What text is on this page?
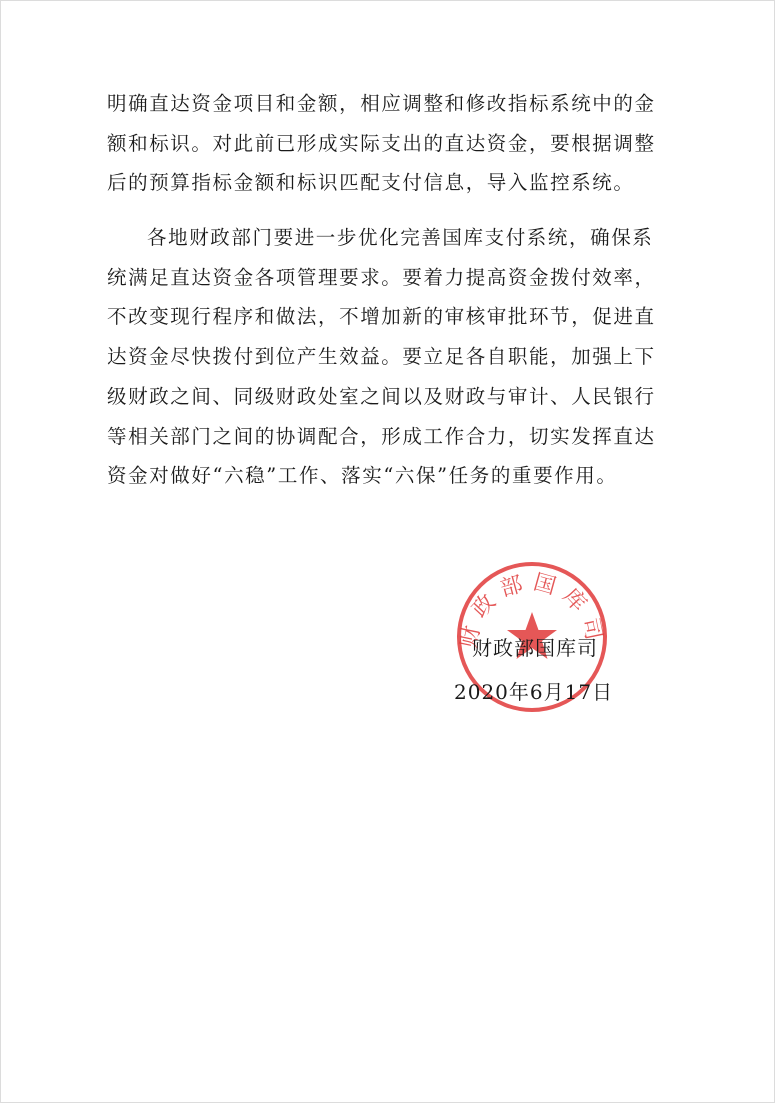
明确直达资金项目和金额，相应调整和修改指标系统中的金
额和标识。对此前已形成实际支出的直达资金，要根据调整
后的预算指标金额和标识匹配支付信息，导入监控系统。
各地财政部门要进一步优化完善国库支付系统，确保系
统满足直达资金各项管理要求。要着力提高资金拨付效率，
不改变现行程序和做法，不增加新的审核审批环节，促进直
达资金尽快拨付到位产生效益。要立足各自职能，加强上下
级财政之间、同级财政处室之间以及财政与审计、人民银行
等相关部门之间的协调配合，形成工作合力，切实发挥直达
资金对做好“六稳”工作、落实“六保”任务的重要作用。
财政部国库司
财政部国库司
2020年6月17日
